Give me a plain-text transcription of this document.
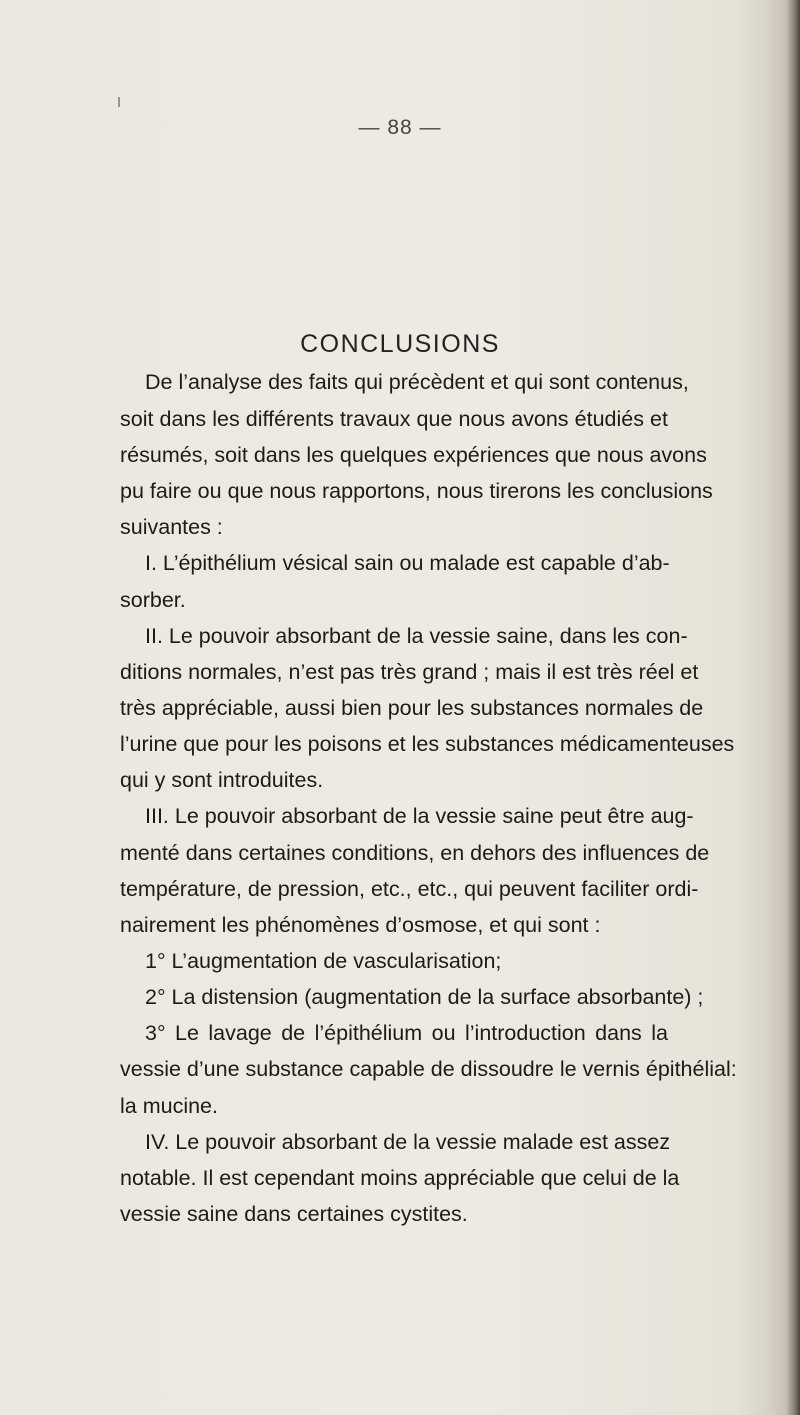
— 88 —
CONCLUSIONS
De l’analyse des faits qui précèdent et qui sont contenus,
soit dans les différents travaux que nous avons étudiés et
résumés, soit dans les quelques expériences que nous avons
pu faire ou que nous rapportons, nous tirerons les conclusions
suivantes :
I. L’épithélium vésical sain ou malade est capable d’ab-
sorber.
II. Le pouvoir absorbant de la vessie saine, dans les con-
ditions normales, n’est pas très grand ; mais il est très réel et
très appréciable, aussi bien pour les substances normales de
l’urine que pour les poisons et les substances médicamenteuses
qui y sont introduites.
III. Le pouvoir absorbant de la vessie saine peut être aug-
menté dans certaines conditions, en dehors des influences de
température, de pression, etc., etc., qui peuvent faciliter ordi-
nairement les phénomènes d’osmose, et qui sont :
1° L’augmentation de vascularisation;
2° La distension (augmentation de la surface absorbante) ;
3° Le lavage de l’épithélium ou l’introduction dans la
vessie d’une substance capable de dissoudre le vernis épithélial:
la mucine.
IV. Le pouvoir absorbant de la vessie malade est assez
notable. Il est cependant moins appréciable que celui de la
vessie saine dans certaines cystites.
